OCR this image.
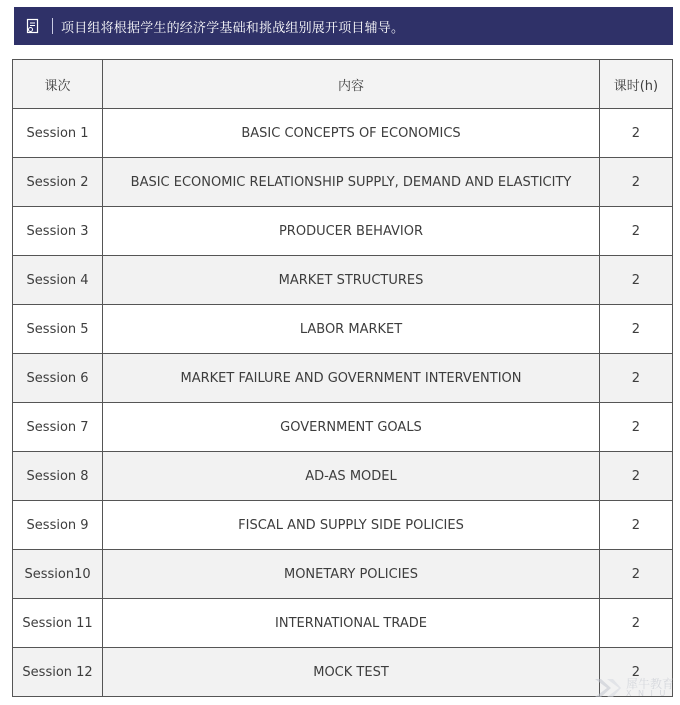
项目组将根据学生的经济学基础和挑战组别展开项目辅导。
课次	内容	课时(h)
Session 1	BASIC CONCEPTS OF ECONOMICS	2
Session 2	BASIC ECONOMIC RELATIONSHIP SUPPLY, DEMAND AND ELASTICITY	2
Session 3	PRODUCER BEHAVIOR	2
Session 4	MARKET STRUCTURES	2
Session 5	LABOR MARKET	2
Session 6	MARKET FAILURE AND GOVERNMENT INTERVENTION	2
Session 7	GOVERNMENT GOALS	2
Session 8	AD-AS MODEL	2
Session 9	FISCAL AND SUPPLY SIDE POLICIES	2
Session10	MONETARY POLICIES	2
Session 11	INTERNATIONAL TRADE	2
Session 12	MOCK TEST	2
犀牛教育
X N I U
